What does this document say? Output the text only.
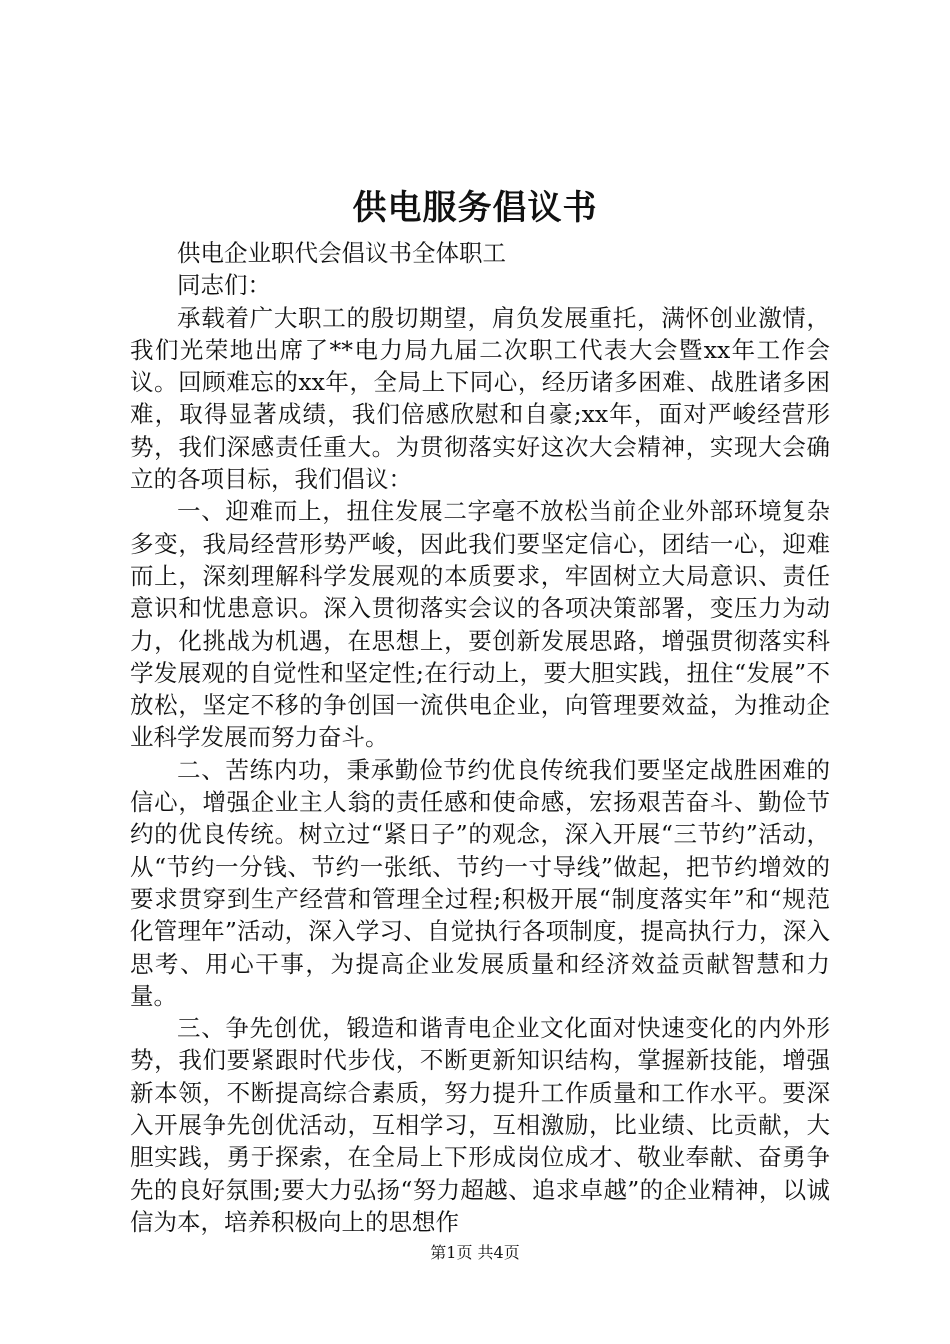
供电服务倡议书

供电企业职代会倡议书全体职工

同志们：

承载着广大职工的殷切期望，肩负发展重托，满怀创业激情，我们光荣地出席了**电力局九届二次职工代表大会暨xx年工作会议。回顾难忘的xx年，全局上下同心，经历诸多困难、战胜诸多困难，取得显著成绩，我们倍感欣慰和自豪;xx年，面对严峻经营形势，我们深感责任重大。为贯彻落实好这次大会精神，实现大会确立的各项目标，我们倡议：

一、迎难而上，扭住发展二字毫不放松当前企业外部环境复杂多变，我局经营形势严峻，因此我们要坚定信心，团结一心，迎难而上，深刻理解科学发展观的本质要求，牢固树立大局意识、责任意识和忧患意识。深入贯彻落实会议的各项决策部署，变压力为动力，化挑战为机遇，在思想上，要创新发展思路，增强贯彻落实科学发展观的自觉性和坚定性;在行动上，要大胆实践，扭住“发展”不放松，坚定不移的争创国一流供电企业，向管理要效益，为推动企业科学发展而努力奋斗。

二、苦练内功，秉承勤俭节约优良传统我们要坚定战胜困难的信心，增强企业主人翁的责任感和使命感，宏扬艰苦奋斗、勤俭节约的优良传统。树立过“紧日子”的观念，深入开展“三节约”活动，从“节约一分钱、节约一张纸、节约一寸导线”做起，把节约增效的要求贯穿到生产经营和管理全过程;积极开展“制度落实年”和“规范化管理年”活动，深入学习、自觉执行各项制度，提高执行力，深入思考、用心干事，为提高企业发展质量和经济效益贡献智慧和力量。

三、争先创优，锻造和谐青电企业文化面对快速变化的内外形势，我们要紧跟时代步伐，不断更新知识结构，掌握新技能，增强新本领，不断提高综合素质，努力提升工作质量和工作水平。要深入开展争先创优活动，互相学习，互相激励，比业绩、比贡献，大胆实践，勇于探索，在全局上下形成岗位成才、敬业奉献、奋勇争先的良好氛围;要大力弘扬“努力超越、追求卓越”的企业精神，以诚信为本，培养积极向上的思想作

第1页 共4页
